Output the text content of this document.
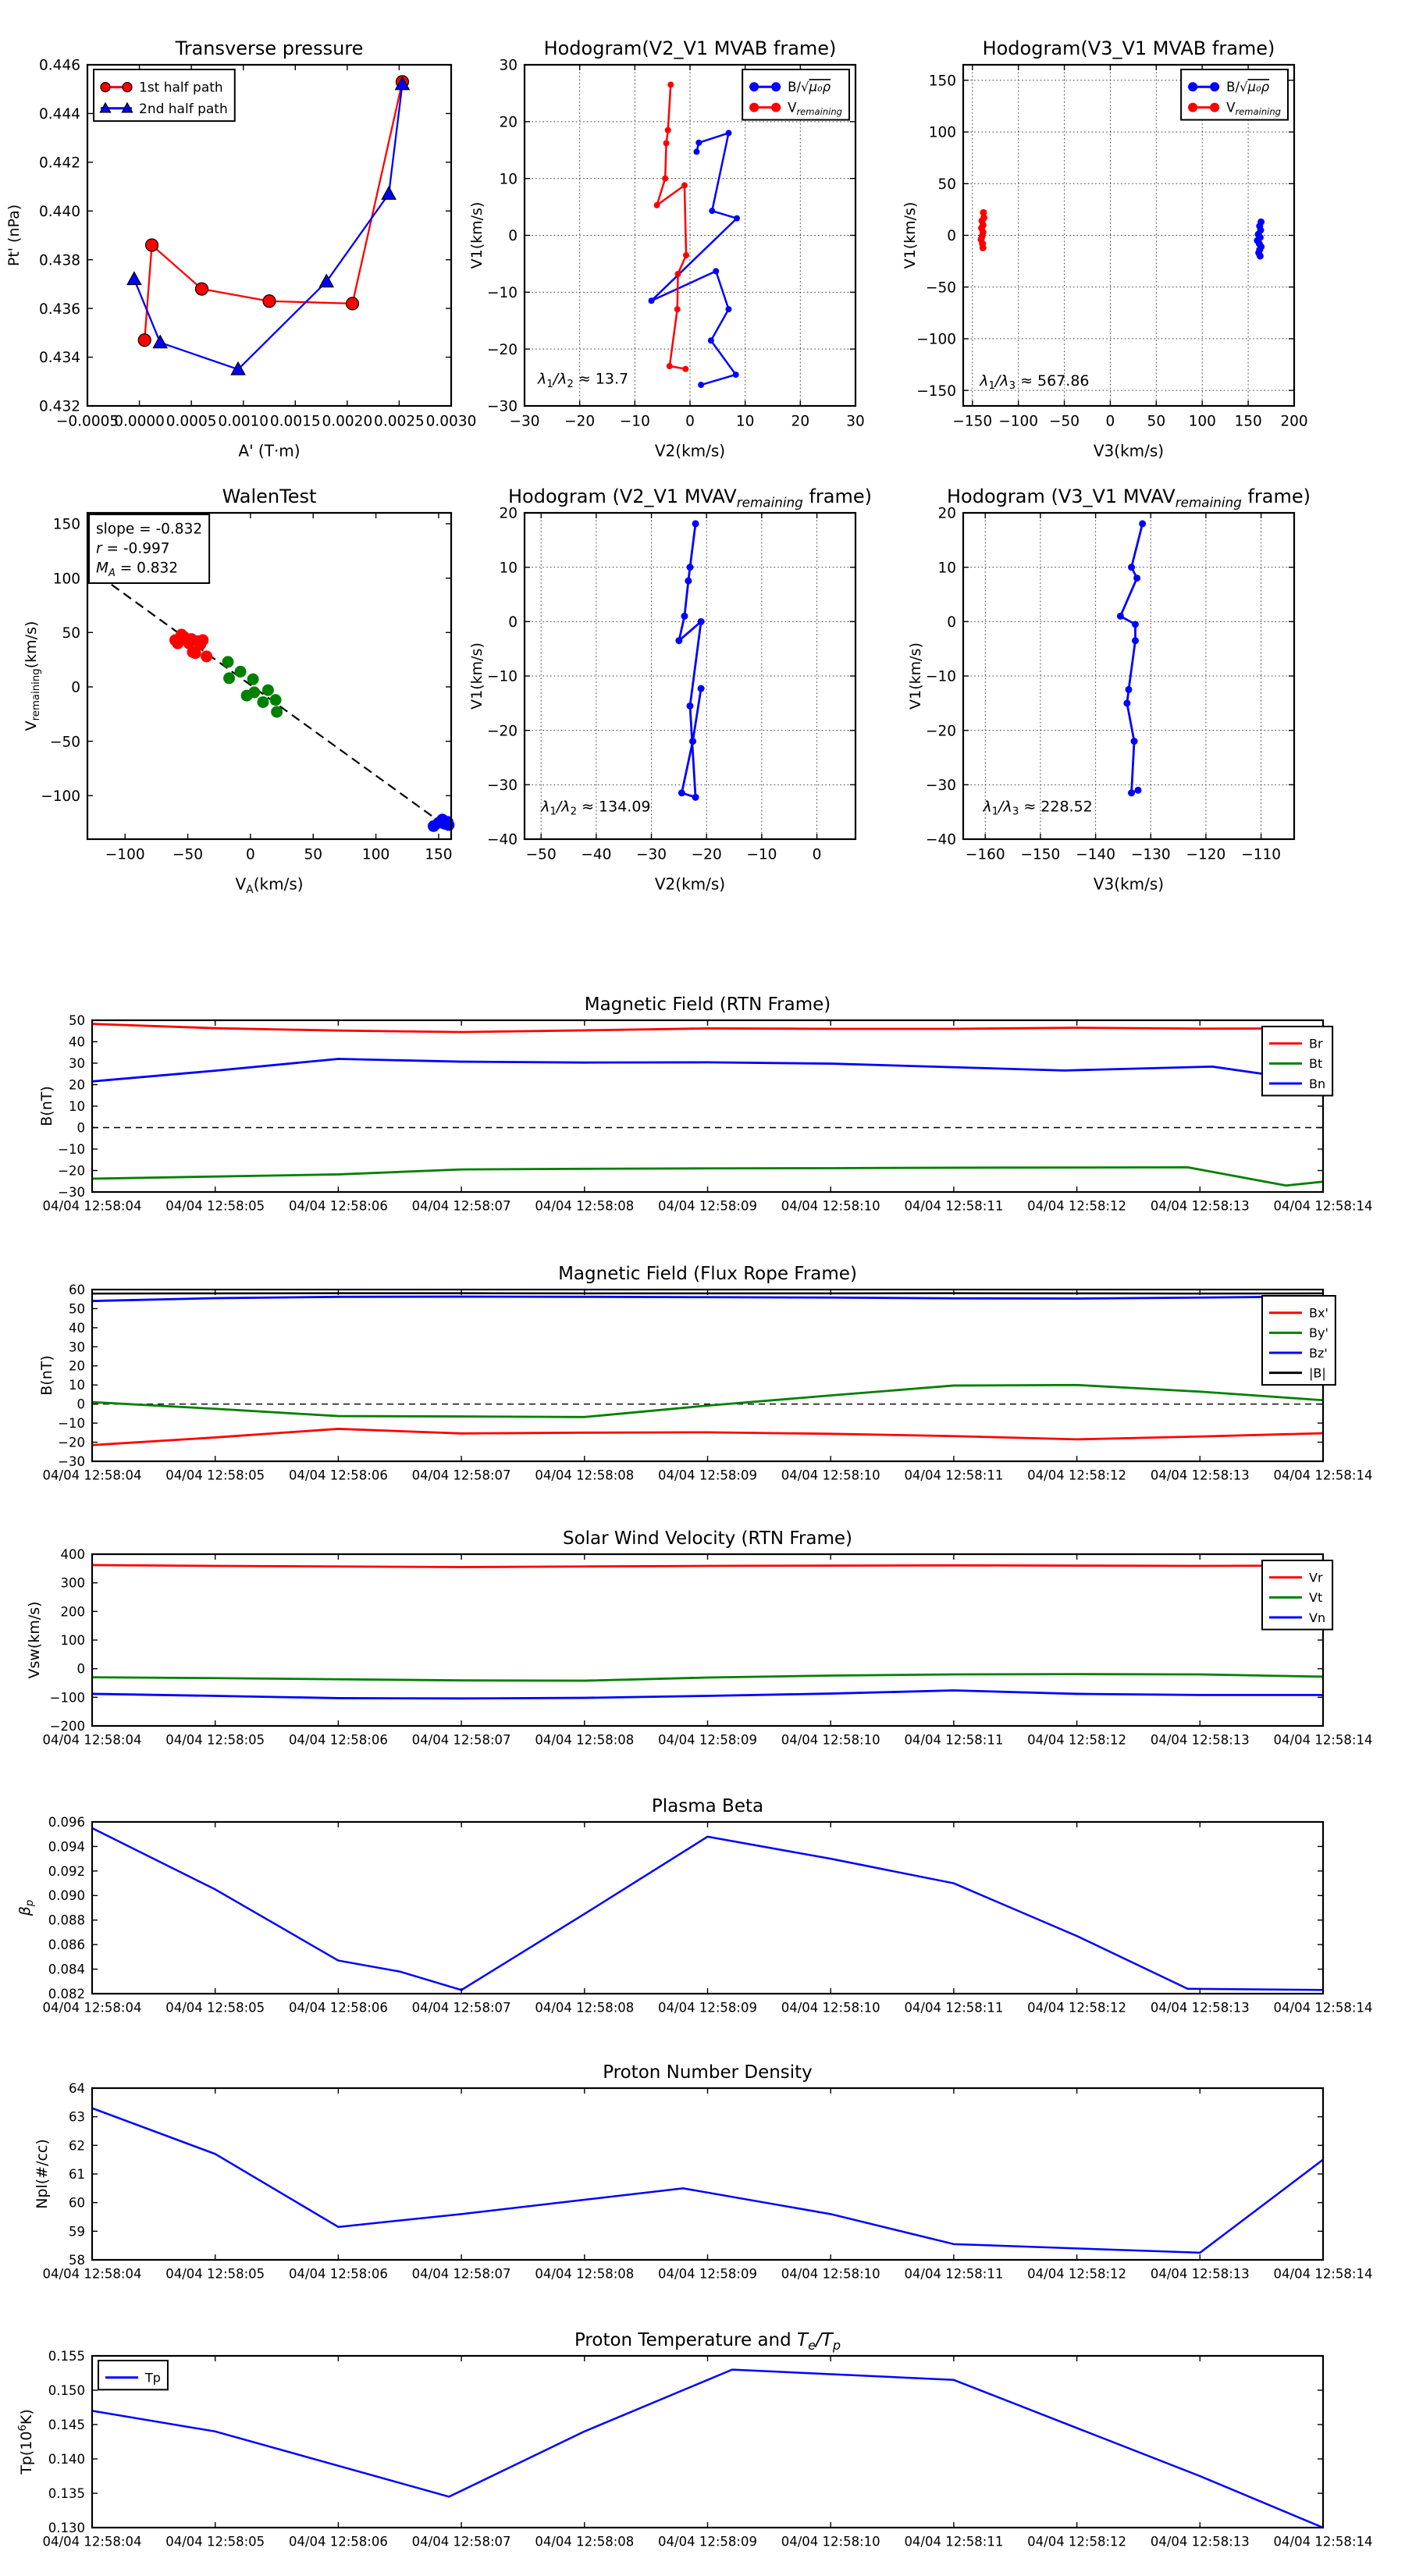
−0.0005
0.0000 0.0005 0.0010 0.0015 0.0020 0.0025 0.0030
0.432
0.434
0.436
0.438
0.440
0.442
0.444
0.446
Transverse pressure
A' (T·m)
Pt' (nPa)
1st half path
2nd half path
−30 −20 −10 0	10	20	30
−30
−20
−10
0
10
20
30
Hodogram(V2_V1 MVAB frame)
V2(km/s)
V1(km/s)
$\lambda_1/\lambda_2 \approx 13.7$
B/√μ₀ρ
$V_{remaining}$
−150 −100 −50 0 50 100 150 200
−150
−100
−50
0
50
100
150
Hodogram(V3_V1 MVAB frame)
V3(km/s)
V1(km/s)
$\lambda_1/\lambda_3 \approx 567.86$
B/√μ₀ρ
$V_{remaining}$
−100 −50	0	50	100 150
−100
−50
0
50
100
150
WalenTest
$V_A(km/s)$
$V_{remaining}(km/s)$
slope = -0.832
r = -0.997
$M_A = 0.832$
−50 −40 −30 −20 −10 0
−40
−30
−20
−10
0
10
20
Hodogram (V2_V1 $MVAV_{remaining}$ frame)
V2(km/s)
V1(km/s)
$\lambda_1/\lambda_2 \approx 134.09$
−160 −150 −140 −130 −120 −110
−40
−30
−20
−10
0
10
20
Hodogram (V3_V1 $MVAV_{remaining}$ frame)
V3(km/s)
V1(km/s)
$\lambda_1/\lambda_3 \approx 228.52$
04/04 12:58:04 04/04 12:58:05 04/04 12:58:06 04/04 12:58:07 04/04 12:58:08 04/04 12:58:09 04/04 12:58:10 04/04 12:58:11 04/04 12:58:12 04/04 12:58:13 04/04 12:58:14
−30
−20
−10
0
10
20
30
40
50
Magnetic Field (RTN Frame)
B(nT)
Br
Bt
Bn
04/04 12:58:04 04/04 12:58:05 04/04 12:58:06 04/04 12:58:07 04/04 12:58:08 04/04 12:58:09 04/04 12:58:10 04/04 12:58:11 04/04 12:58:12 04/04 12:58:13 04/04 12:58:14
−30
−20
−10
0
10
20
30
40
50
60
Magnetic Field (Flux Rope Frame)
B(nT)
Bx'
By'
Bz'
|B|
04/04 12:58:04 04/04 12:58:05 04/04 12:58:06 04/04 12:58:07 04/04 12:58:08 04/04 12:58:09 04/04 12:58:10 04/04 12:58:11 04/04 12:58:12 04/04 12:58:13 04/04 12:58:14
−200
−100
0
100
200
300
400
Solar Wind Velocity (RTN Frame)
Vsw(km/s)
Vr
Vt
Vn
04/04 12:58:04 04/04 12:58:05 04/04 12:58:06 04/04 12:58:07 04/04 12:58:08 04/04 12:58:09 04/04 12:58:10 04/04 12:58:11 04/04 12:58:12 04/04 12:58:13 04/04 12:58:14
0.082
0.084
0.086
0.088
0.090
0.092
0.094
0.096
Plasma Beta
$\beta_p$
04/04 12:58:04 04/04 12:58:05 04/04 12:58:06 04/04 12:58:07 04/04 12:58:08 04/04 12:58:09 04/04 12:58:10 04/04 12:58:11 04/04 12:58:12 04/04 12:58:13 04/04 12:58:14
58
59
60
61
62
63
64
Proton Number Density
Npl(#/cc)
04/04 12:58:04 04/04 12:58:05 04/04 12:58:06 04/04 12:58:07 04/04 12:58:08 04/04 12:58:09 04/04 12:58:10 04/04 12:58:11 04/04 12:58:12 04/04 12:58:13 04/04 12:58:14
0.130
0.135
0.140
0.145
0.150
0.155
Proton Temperature and $T_e/T_p$
$Tp(10^6K)$
Tp
